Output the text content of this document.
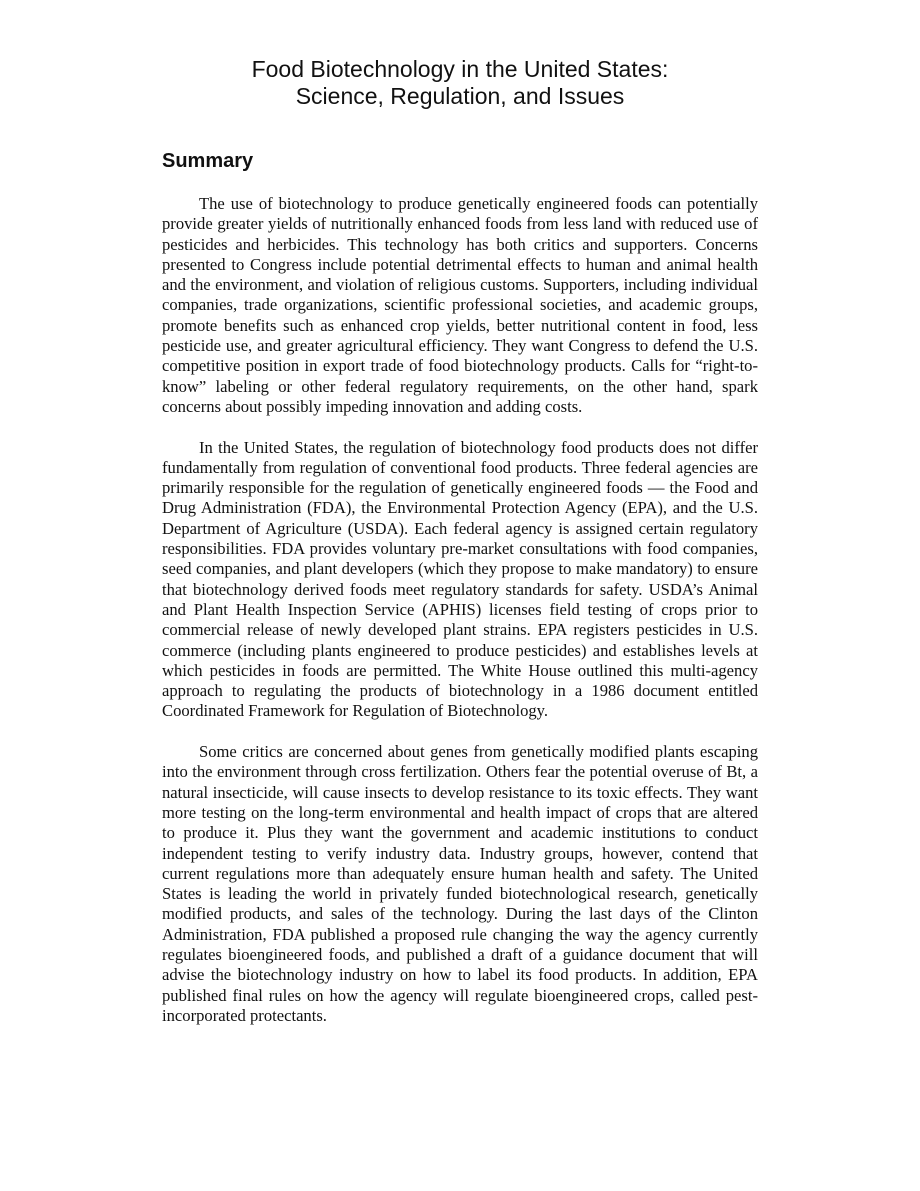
Food Biotechnology in the United States:
Science, Regulation, and Issues
Summary

The use of biotechnology to produce genetically engineered foods can potentially provide greater yields of nutritionally enhanced foods from less land with reduced use of pesticides and herbicides. This technology has both critics and supporters. Concerns presented to Congress include potential detrimental effects to human and animal health and the environment, and violation of religious customs. Supporters, including individual companies, trade organizations, scientific professional societies, and academic groups, promote benefits such as enhanced crop yields, better nutritional content in food, less pesticide use, and greater agricultural efficiency. They want Congress to defend the U.S. competitive position in export trade of food biotechnology products. Calls for “right-to-know” labeling or other federal regulatory requirements, on the other hand, spark concerns about possibly impeding innovation and adding costs.

In the United States, the regulation of biotechnology food products does not differ fundamentally from regulation of conventional food products. Three federal agencies are primarily responsible for the regulation of genetically engineered foods — the Food and Drug Administration (FDA), the Environmental Protection Agency (EPA), and the U.S. Department of Agriculture (USDA). Each federal agency is assigned certain regulatory responsibilities. FDA provides voluntary pre-market consultations with food companies, seed companies, and plant developers (which they propose to make mandatory) to ensure that biotechnology derived foods meet regulatory standards for safety. USDA’s Animal and Plant Health Inspection Service (APHIS) licenses field testing of crops prior to commercial release of newly developed plant strains. EPA registers pesticides in U.S. commerce (including plants engineered to produce pesticides) and establishes levels at which pesticides in foods are permitted. The White House outlined this multi-agency approach to regulating the products of biotechnology in a 1986 document entitled Coordinated Framework for Regulation of Biotechnology.

Some critics are concerned about genes from genetically modified plants escaping into the environment through cross fertilization. Others fear the potential overuse of Bt, a natural insecticide, will cause insects to develop resistance to its toxic effects. They want more testing on the long-term environmental and health impact of crops that are altered to produce it. Plus they want the government and academic institutions to conduct independent testing to verify industry data. Industry groups, however, contend that current regulations more than adequately ensure human health and safety. The United States is leading the world in privately funded biotechnological research, genetically modified products, and sales of the technology. During the last days of the Clinton Administration, FDA published a proposed rule changing the way the agency currently regulates bioengineered foods, and published a draft of a guidance document that will advise the biotechnology industry on how to label its food products. In addition, EPA published final rules on how the agency will regulate bioengineered crops, called pest-incorporated protectants.
